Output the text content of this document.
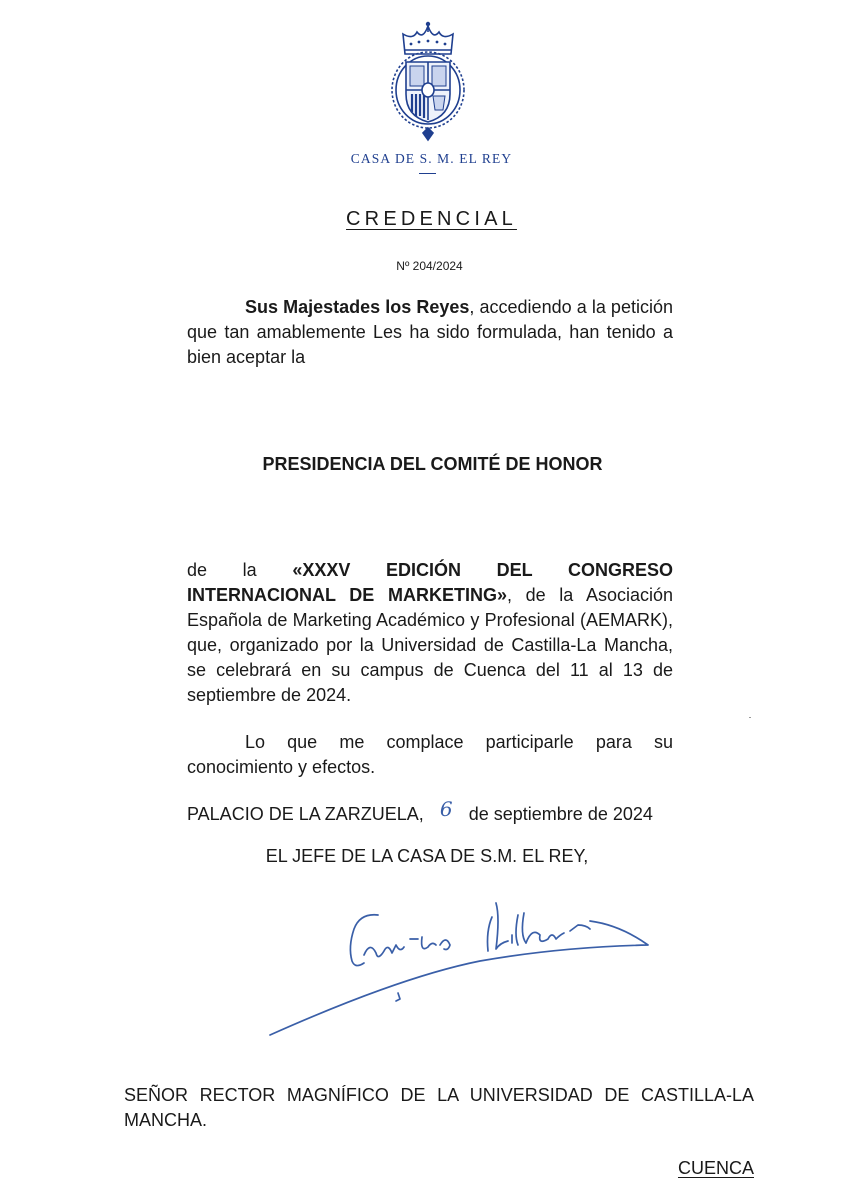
CASA DE S. M. EL REY
CREDENCIAL
Nº 204/2024
Sus Majestades los Reyes, accediendo a la petición que tan amablemente Les ha sido formulada, han tenido a bien aceptar la
PRESIDENCIA DEL COMITÉ DE HONOR
de la «XXXV EDICIÓN DEL CONGRESO INTERNACIONAL DE MARKETING», de la Asociación Española de Marketing Académico y Profesional (AEMARK), que, organizado por la Universidad de Castilla-La Mancha, se celebrará en su campus de Cuenca del 11 al 13 de septiembre de 2024.
Lo que me complace participarle para su conocimiento y efectos.
PALACIO DE LA ZARZUELA, 6 de septiembre de 2024
EL JEFE DE LA CASA DE S.M. EL REY,
SEÑOR RECTOR MAGNÍFICO DE LA UNIVERSIDAD DE CASTILLA-LA MANCHA.
CUENCA
